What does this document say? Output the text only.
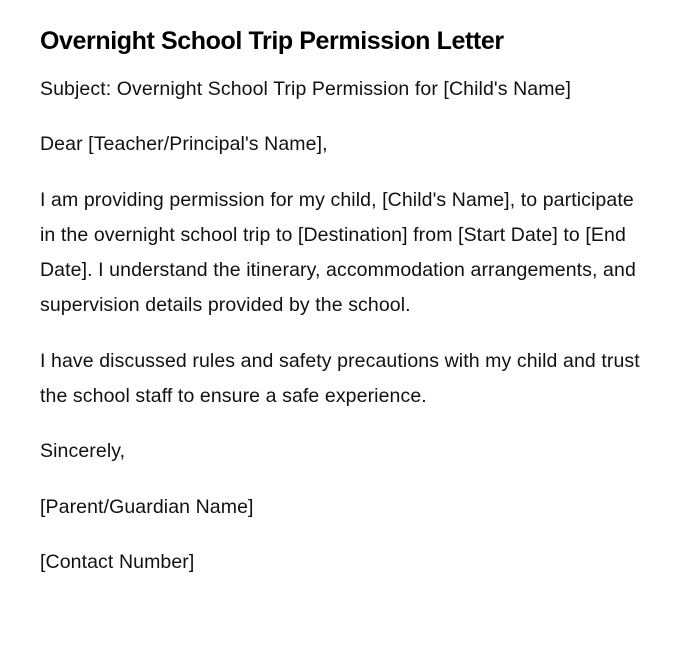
Overnight School Trip Permission Letter

Subject: Overnight School Trip Permission for [Child's Name]

Dear [Teacher/Principal's Name],

I am providing permission for my child, [Child's Name], to participate in the overnight school trip to [Destination] from [Start Date] to [End Date]. I understand the itinerary, accommodation arrangements, and supervision details provided by the school.

I have discussed rules and safety precautions with my child and trust the school staff to ensure a safe experience.

Sincerely,

[Parent/Guardian Name]

[Contact Number]
